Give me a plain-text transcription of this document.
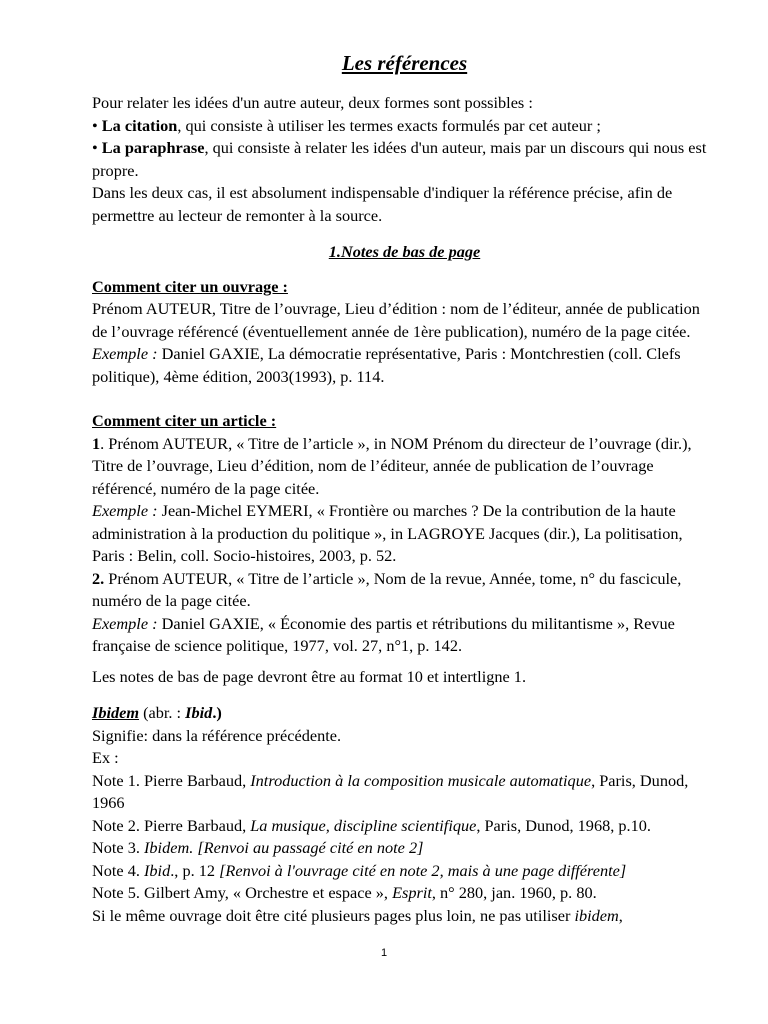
Les références

Pour relater les idées d'un autre auteur, deux formes sont possibles :

• La citation, qui consiste à utiliser les termes exacts formulés par cet auteur ;

• La paraphrase, qui consiste à relater les idées d'un auteur, mais par un discours qui nous est propre.

Dans les deux cas, il est absolument indispensable d'indiquer la référence précise, afin de permettre au lecteur de remonter à la source.

1.Notes de bas de page

Comment citer un ouvrage :

Prénom AUTEUR, Titre de l’ouvrage, Lieu d’édition : nom de l’éditeur, année de publication de l’ouvrage référencé (éventuellement année de 1ère publication), numéro de la page citée.

Exemple : Daniel GAXIE, La démocratie représentative, Paris : Montchrestien (coll. Clefs politique), 4ème édition, 2003(1993), p. 114.

Comment citer un article :

1. Prénom AUTEUR, « Titre de l’article », in NOM Prénom du directeur de l’ouvrage (dir.), Titre de l’ouvrage, Lieu d’édition, nom de l’éditeur, année de publication de l’ouvrage référencé, numéro de la page citée.

Exemple : Jean-Michel EYMERI, « Frontière ou marches ? De la contribution de la haute administration à la production du politique », in LAGROYE Jacques (dir.), La politisation, Paris : Belin, coll. Socio-histoires, 2003, p. 52.

2. Prénom AUTEUR, « Titre de l’article », Nom de la revue, Année, tome, n° du fascicule, numéro de la page citée.

Exemple : Daniel GAXIE, « Économie des partis et rétributions du militantisme », Revue française de science politique, 1977, vol. 27, n°1, p. 142.

Les notes de bas de page devront être au format 10 et intertligne 1.

Ibidem (abr. : Ibid.)

Signifie: dans la référence précédente.

Ex :

Note 1. Pierre Barbaud, Introduction à la composition musicale automatique, Paris, Dunod, 1966

Note 2. Pierre Barbaud, La musique, discipline scientifique, Paris, Dunod, 1968, p.10.

Note 3. Ibidem. [Renvoi au passagé cité en note 2]

Note 4. Ibid., p. 12 [Renvoi à l'ouvrage cité en note 2, mais à une page différente]

Note 5. Gilbert Amy, « Orchestre et espace », Esprit, n° 280, jan. 1960, p. 80.

Si le même ouvrage doit être cité plusieurs pages plus loin, ne pas utiliser ibidem,

1
